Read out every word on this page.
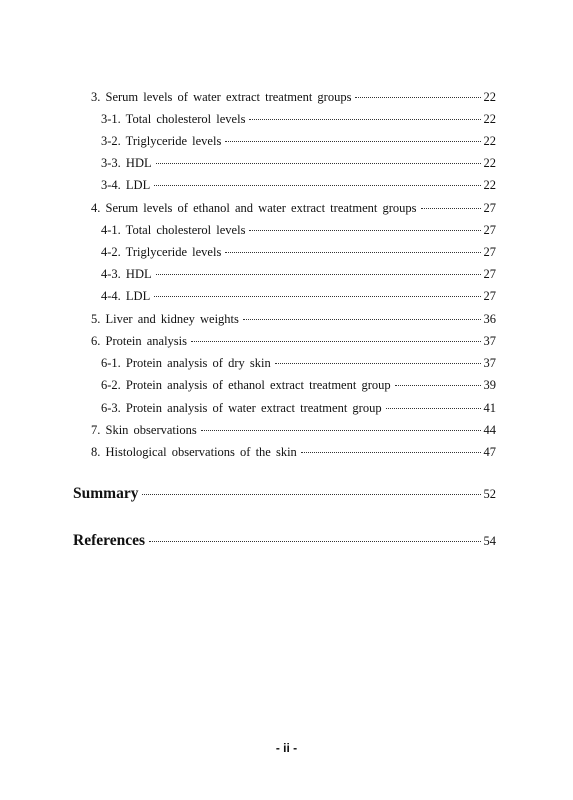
3. Serum levels of water extract treatment groups	22
3-1. Total cholesterol levels	22
3-2. Triglyceride levels	22
3-3. HDL	22
3-4. LDL	22
4. Serum levels of ethanol and water extract treatment groups	27
4-1. Total cholesterol levels	27
4-2. Triglyceride levels	27
4-3. HDL	27
4-4. LDL	27
5. Liver and kidney weights	36
6. Protein analysis	37
6-1. Protein analysis of dry skin	37
6-2. Protein analysis of ethanol extract treatment group	39
6-3. Protein analysis of water extract treatment group	41
7. Skin observations	44
8. Histological observations of the skin	47
Summary	52
References	54
- ii -
